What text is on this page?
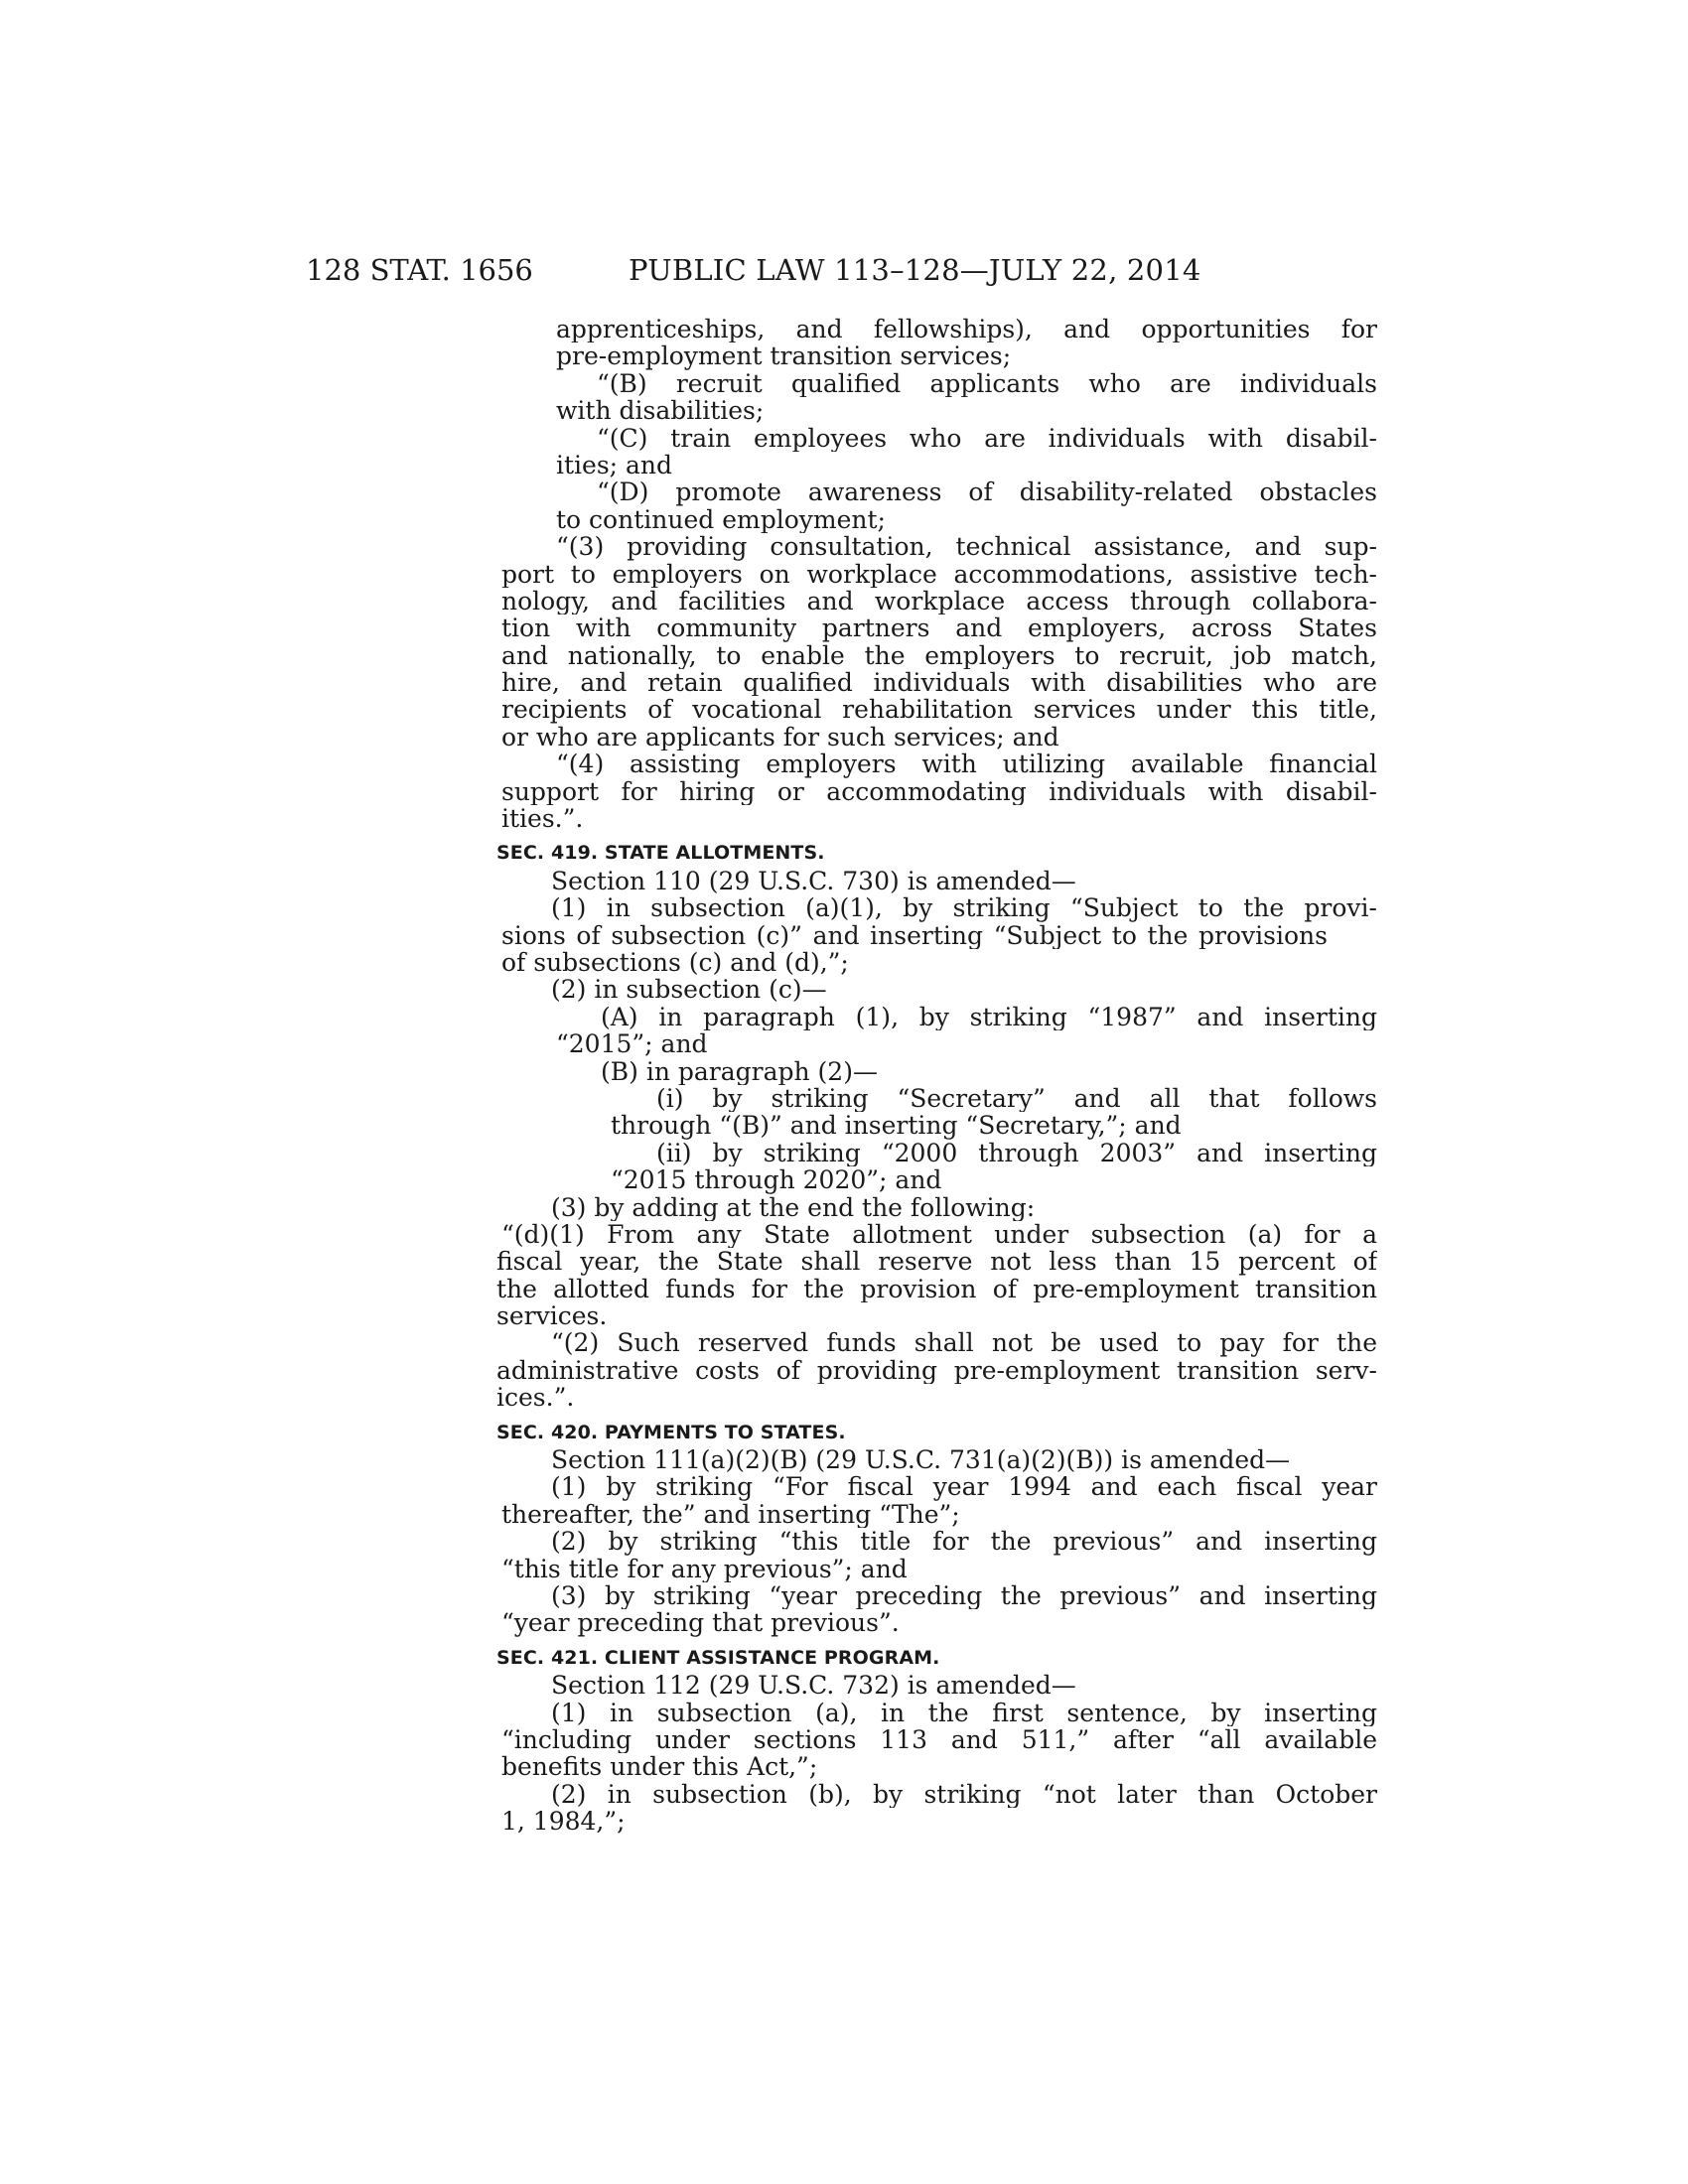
128 STAT. 1656	PUBLIC LAW 113–128—JULY 22, 2014
apprenticeships, and fellowships), and opportunities for
pre-employment transition services;
“(B) recruit qualified applicants who are individuals
with disabilities;
“(C) train employees who are individuals with disabil-
ities; and
“(D) promote awareness of disability-related obstacles
to continued employment;
“(3) providing consultation, technical assistance, and sup-
port to employers on workplace accommodations, assistive tech-
nology, and facilities and workplace access through collabora-
tion with community partners and employers, across States
and nationally, to enable the employers to recruit, job match,
hire, and retain qualified individuals with disabilities who are
recipients of vocational rehabilitation services under this title,
or who are applicants for such services; and
“(4) assisting employers with utilizing available financial
support for hiring or accommodating individuals with disabil-
ities.”.
SEC. 419. STATE ALLOTMENTS.
Section 110 (29 U.S.C. 730) is amended—
(1) in subsection (a)(1), by striking “Subject to the provi-
sions of subsection (c)” and inserting “Subject to the provisions
of subsections (c) and (d),”;
(2) in subsection (c)—
(A) in paragraph (1), by striking “1987” and inserting
“2015”; and
(B) in paragraph (2)—
(i) by striking “Secretary” and all that follows
through “(B)” and inserting “Secretary,”; and
(ii) by striking “2000 through 2003” and inserting
“2015 through 2020”; and
(3) by adding at the end the following:
“(d)(1) From any State allotment under subsection (a) for a
fiscal year, the State shall reserve not less than 15 percent of
the allotted funds for the provision of pre-employment transition
services.
“(2) Such reserved funds shall not be used to pay for the
administrative costs of providing pre-employment transition serv-
ices.”.
SEC. 420. PAYMENTS TO STATES.
Section 111(a)(2)(B) (29 U.S.C. 731(a)(2)(B)) is amended—
(1) by striking “For fiscal year 1994 and each fiscal year
thereafter, the” and inserting “The”;
(2) by striking “this title for the previous” and inserting
“this title for any previous”; and
(3) by striking “year preceding the previous” and inserting
“year preceding that previous”.
SEC. 421. CLIENT ASSISTANCE PROGRAM.
Section 112 (29 U.S.C. 732) is amended—
(1) in subsection (a), in the first sentence, by inserting
“including under sections 113 and 511,” after “all available
benefits under this Act,”;
(2) in subsection (b), by striking “not later than October
1, 1984,”;
